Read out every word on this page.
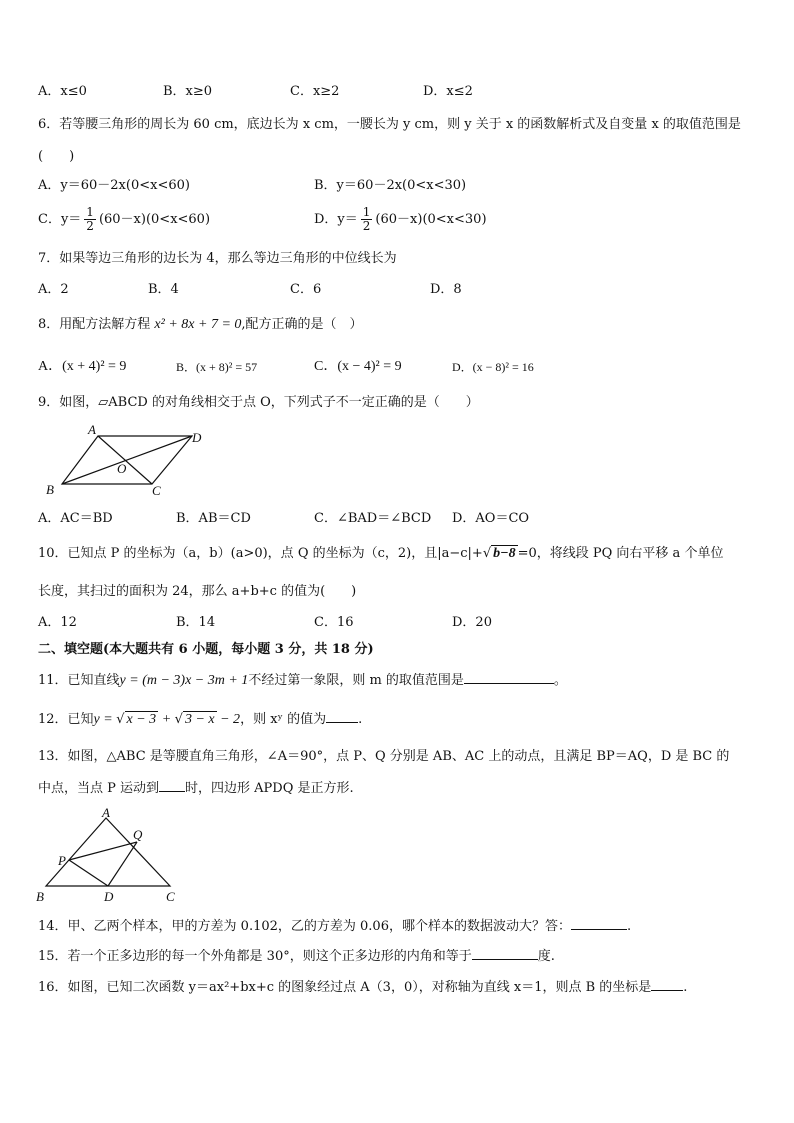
A．x≤0	B．x≥0	C．x≥2	D．x≤2
6．若等腰三角形的周长为 60 cm，底边长为 x cm，一腰长为 y cm，则 y 关于 x 的函数解析式及自变量 x 的取值范围是
(　　)
A．y＝60－2x(0<x<60)	B．y＝60－2x(0<x<30)
C．$y= \frac{1}{2} (60-x)(0<x<60)$	D．$y= \frac{1}{2} (60-x)(0<x<30)$
7．如果等边三角形的边长为 4，那么等边三角形的中位线长为
A．2	B．4	C．6	D．8
8．用配方法解方程 x² + 8x + 7 = 0,配方正确的是（　）
A．(x + 4)² = 9	B．(x + 8)² = 57	C．(x − 4)² = 9	D．(x − 8)² = 16
9．如图，▱ABCD 的对角线相交于点 O，下列式子不一定正确的是（　　）
A
D
B	C
O
A．AC＝BD	B．AB＝CD	C．∠BAD＝∠BCD D．AO＝CO
10．已知点 P 的坐标为（a，b）(a>0)，点 Q 的坐标为（c，2)，且|a−c|+√ b−8 =0，将线段 PQ 向右平移 a 个单位
长度，其扫过的面积为 24，那么 a+b+c 的值为(　　)
A．12	B．14	C．16	D．20
二、填空题(本大题共有 6 小题，每小题 3 分，共 18 分)
11．已知直线y = (m − 3)x − 3m + 1不经过第一象限，则 m 的取值范围是	。
12．已知y = √ x − 3 + √ 3 − x − 2，则 xʸ 的值为 .
13．如图，△ABC 是等腰直角三角形，∠A＝90°，点 P、Q 分别是 AB、AC 上的动点，且满足 BP＝AQ，D 是 BC 的
中点，当点 P 运动到 时，四边形 APDQ 是正方形.
A
B	C
D
P
Q
14．甲、乙两个样本，甲的方差为 0.102，乙的方差为 0.06，哪个样本的数据波动大？答：	.
15．若一个正多边形的每一个外角都是 30°，则这个正多边形的内角和等于	度.
16．如图，已知二次函数 y＝ax²+bx+c 的图象经过点 A（3，0），对称轴为直线 x＝1，则点 B 的坐标是 .
